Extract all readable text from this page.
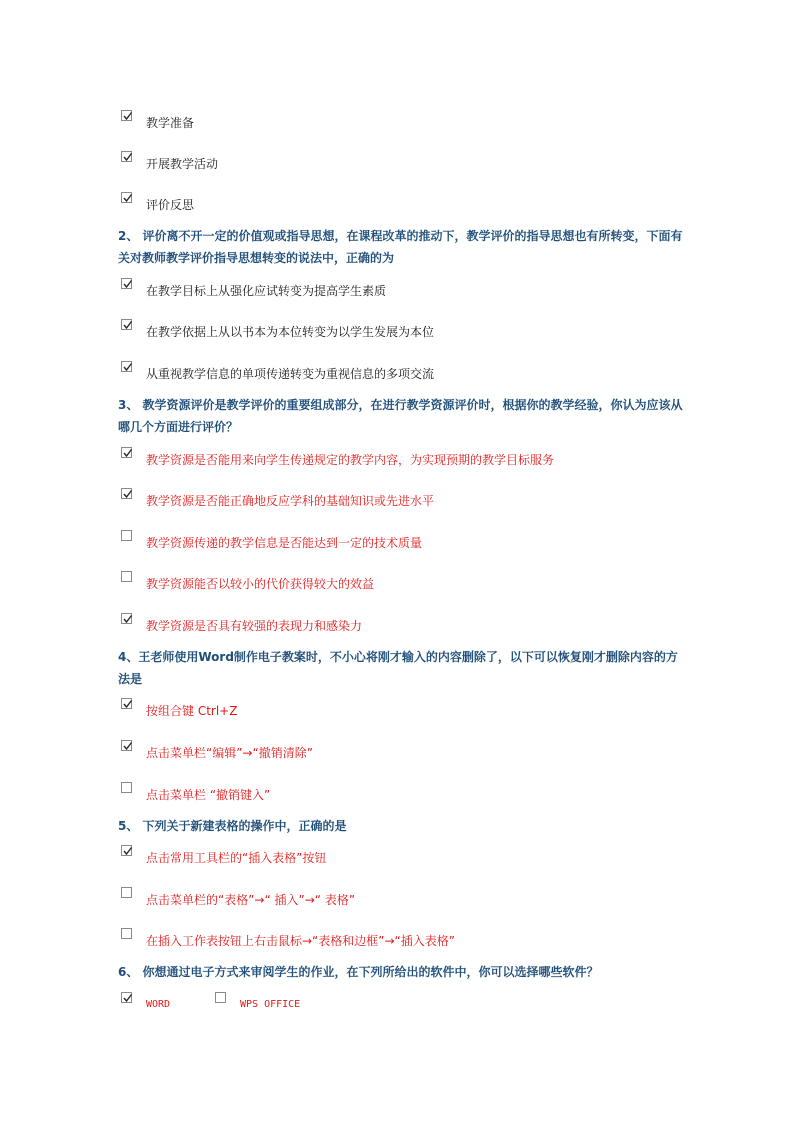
教学准备
开展教学活动
评价反思
2、 评价离不开一定的价值观或指导思想，在课程改革的推动下，教学评价的指导思想也有所转变，下面有关对教师教学评价指导思想转变的说法中，正确的为
在教学目标上从强化应试转变为提高学生素质
在教学依据上从以书本为本位转变为以学生发展为本位
从重视教学信息的单项传递转变为重视信息的多项交流
3、 教学资源评价是教学评价的重要组成部分，在进行教学资源评价时，根据你的教学经验，你认为应该从哪几个方面进行评价？
教学资源是否能用来向学生传递规定的教学内容，为实现预期的教学目标服务
教学资源是否能正确地反应学科的基础知识或先进水平
教学资源传递的教学信息是否能达到一定的技术质量
教学资源能否以较小的代价获得较大的效益
教学资源是否具有较强的表现力和感染力
4、王老师使用Word制作电子教案时，不小心将刚才输入的内容删除了，以下可以恢复刚才删除内容的方法是
按组合键 Ctrl+Z
点击菜单栏“编辑”→“撤销清除”
点击菜单栏 “撤销键入”
5、 下列关于新建表格的操作中，正确的是
点击常用工具栏的“插入表格”按钮
点击菜单栏的“表格”→“ 插入”→“ 表格”
在插入工作表按钮上右击鼠标→“表格和边框”→“插入表格”
6、 你想通过电子方式来审阅学生的作业，在下列所给出的软件中，你可以选择哪些软件？
WORD	WPS OFFICE
